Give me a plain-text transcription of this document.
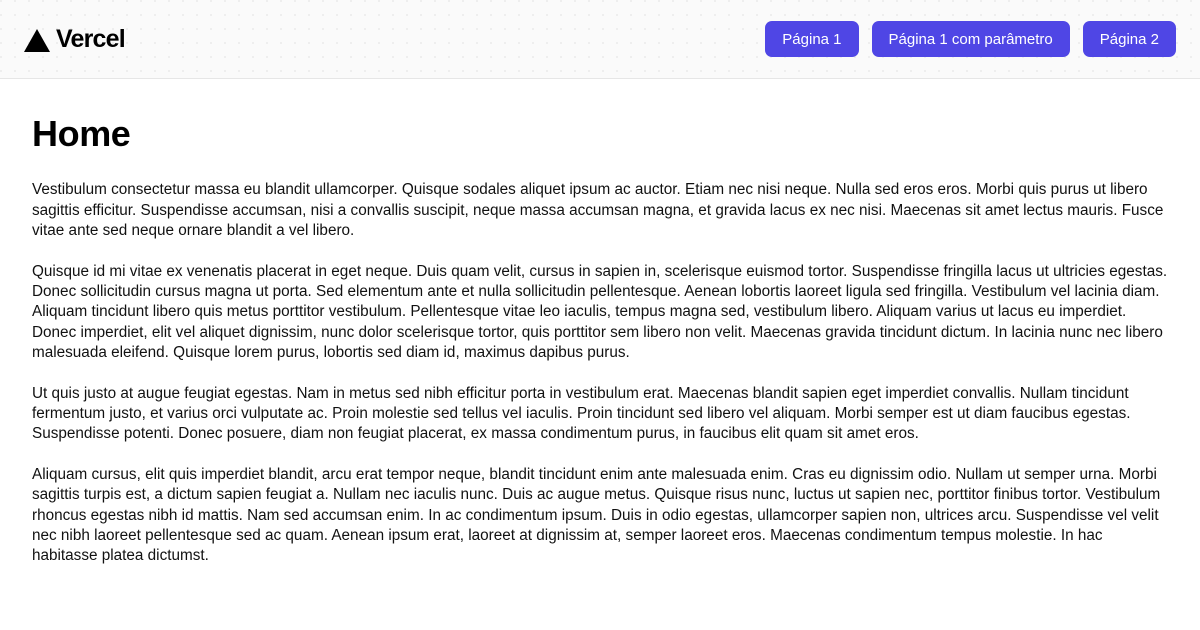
Vercel	Página 1	Página 1 com parâmetro	Página 2
Home

Vestibulum consectetur massa eu blandit ullamcorper. Quisque sodales aliquet ipsum ac auctor. Etiam nec nisi neque. Nulla sed eros eros. Morbi quis purus ut libero sagittis efficitur. Suspendisse accumsan, nisi a convallis suscipit, neque massa accumsan magna, et gravida lacus ex nec nisi. Maecenas sit amet lectus mauris. Fusce vitae ante sed neque ornare blandit a vel libero.

Quisque id mi vitae ex venenatis placerat in eget neque. Duis quam velit, cursus in sapien in, scelerisque euismod tortor. Suspendisse fringilla lacus ut ultricies egestas. Donec sollicitudin cursus magna ut porta. Sed elementum ante et nulla sollicitudin pellentesque. Aenean lobortis laoreet ligula sed fringilla. Vestibulum vel lacinia diam. Aliquam tincidunt libero quis metus porttitor vestibulum. Pellentesque vitae leo iaculis, tempus magna sed, vestibulum libero. Aliquam varius ut lacus eu imperdiet. Donec imperdiet, elit vel aliquet dignissim, nunc dolor scelerisque tortor, quis porttitor sem libero non velit. Maecenas gravida tincidunt dictum. In lacinia nunc nec libero malesuada eleifend. Quisque lorem purus, lobortis sed diam id, maximus dapibus purus.

Ut quis justo at augue feugiat egestas. Nam in metus sed nibh efficitur porta in vestibulum erat. Maecenas blandit sapien eget imperdiet convallis. Nullam tincidunt fermentum justo, et varius orci vulputate ac. Proin molestie sed tellus vel iaculis. Proin tincidunt sed libero vel aliquam. Morbi semper est ut diam faucibus egestas. Suspendisse potenti. Donec posuere, diam non feugiat placerat, ex massa condimentum purus, in faucibus elit quam sit amet eros.

Aliquam cursus, elit quis imperdiet blandit, arcu erat tempor neque, blandit tincidunt enim ante malesuada enim. Cras eu dignissim odio. Nullam ut semper urna. Morbi sagittis turpis est, a dictum sapien feugiat a. Nullam nec iaculis nunc. Duis ac augue metus. Quisque risus nunc, luctus ut sapien nec, porttitor finibus tortor. Vestibulum rhoncus egestas nibh id mattis. Nam sed accumsan enim. In ac condimentum ipsum. Duis in odio egestas, ullamcorper sapien non, ultrices arcu. Suspendisse vel velit nec nibh laoreet pellentesque sed ac quam. Aenean ipsum erat, laoreet at dignissim at, semper laoreet eros. Maecenas condimentum tempus molestie. In hac habitasse platea dictumst.
